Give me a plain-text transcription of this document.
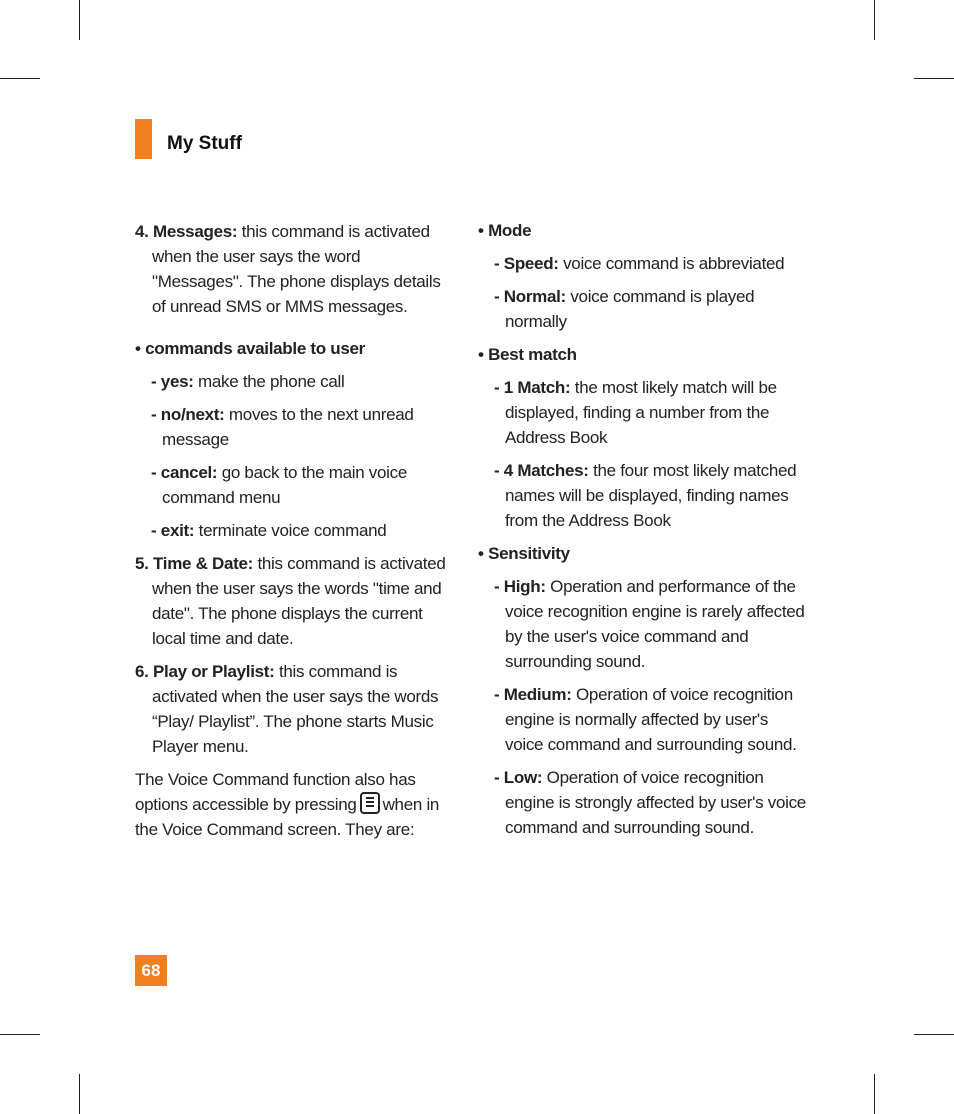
My Stuff

4. Messages: this command is activated when the user says the word "Messages". The phone displays details of unread SMS or MMS messages.

• commands available to user

- yes: make the phone call

- no/next: moves to the next unread message

- cancel: go back to the main voice command menu

- exit: terminate voice command

5. Time & Date: this command is activated when the user says the words "time and date". The phone displays the current local time and date.

6. Play or Playlist: this command is activated when the user says the words “Play/ Playlist”. The phone starts Music Player menu.

The Voice Command function also has options accessible by pressing when in the Voice Command screen. They are:

• Mode

- Speed: voice command is abbreviated

- Normal: voice command is played normally

• Best match

- 1 Match: the most likely match will be displayed, finding a number from the Address Book

- 4 Matches: the four most likely matched names will be displayed, finding names from the Address Book

• Sensitivity

- High: Operation and performance of the voice recognition engine is rarely affected by the user's voice command and surrounding sound.

- Medium: Operation of voice recognition engine is normally affected by user's voice command and surrounding sound.

- Low: Operation of voice recognition engine is strongly affected by user's voice command and surrounding sound.

68
